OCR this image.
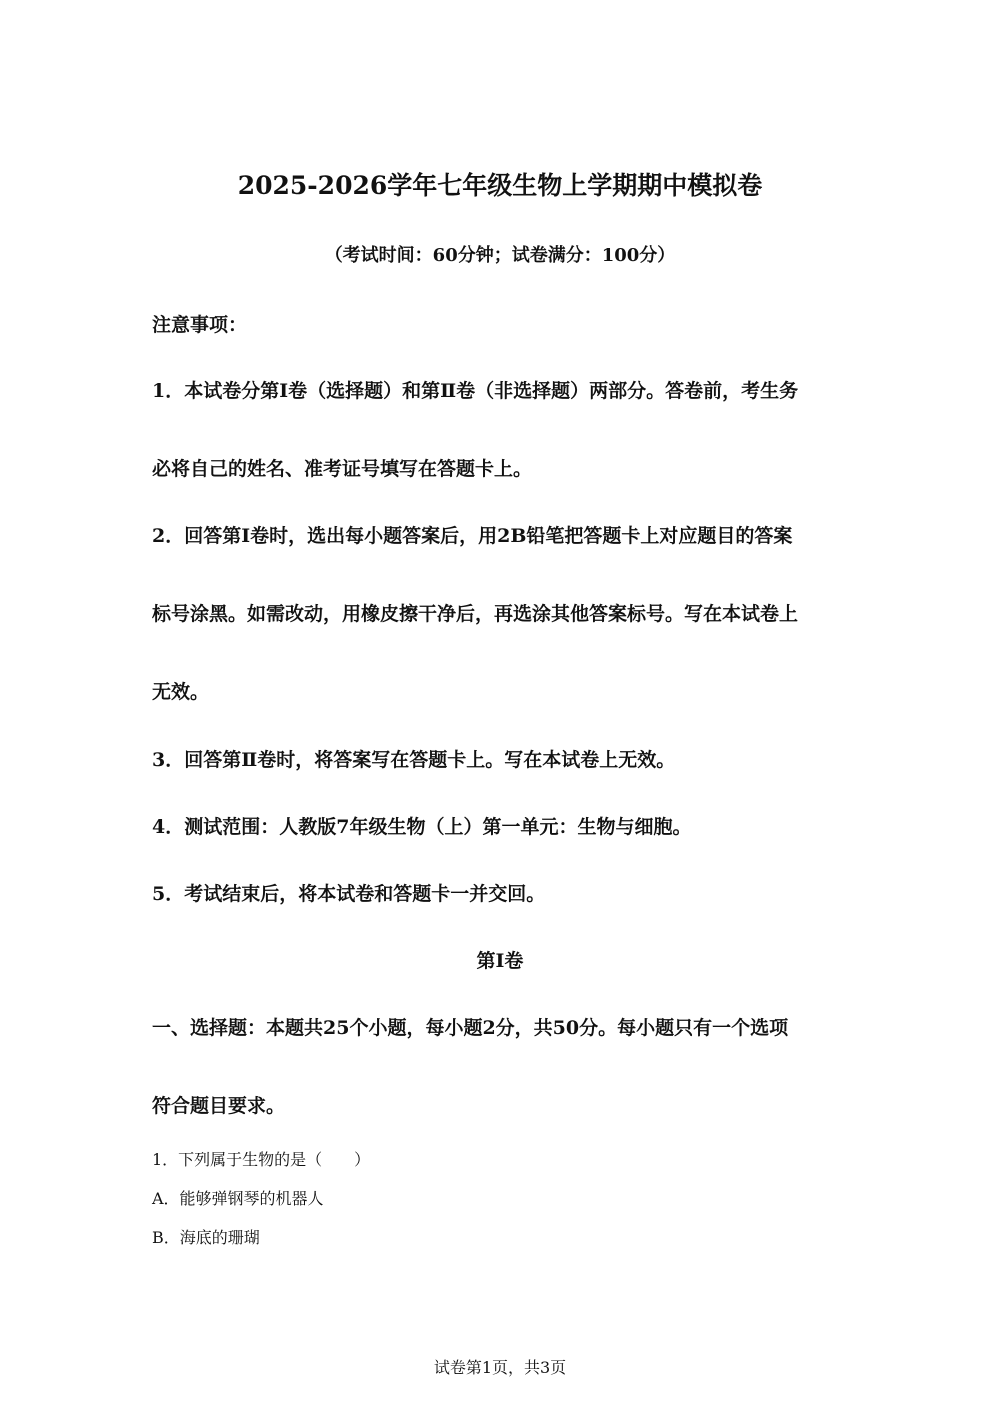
2025-2026学年七年级生物上学期期中模拟卷
（考试时间：60分钟；试卷满分：100分）
注意事项：
1．本试卷分第Ⅰ卷（选择题）和第Ⅱ卷（非选择题）两部分。答卷前，考生务
必将自己的姓名、准考证号填写在答题卡上。
2．回答第Ⅰ卷时，选出每小题答案后，用2B铅笔把答题卡上对应题目的答案
标号涂黑。如需改动，用橡皮擦干净后，再选涂其他答案标号。写在本试卷上
无效。
3．回答第Ⅱ卷时，将答案写在答题卡上。写在本试卷上无效。
4．测试范围：人教版7年级生物（上）第一单元：生物与细胞。
5．考试结束后，将本试卷和答题卡一并交回。
第Ⅰ卷
一、选择题：本题共25个小题，每小题2分，共50分。每小题只有一个选项
符合题目要求。
1．下列属于生物的是（　　）
A．能够弹钢琴的机器人
B．海底的珊瑚
试卷第1页，共3页
